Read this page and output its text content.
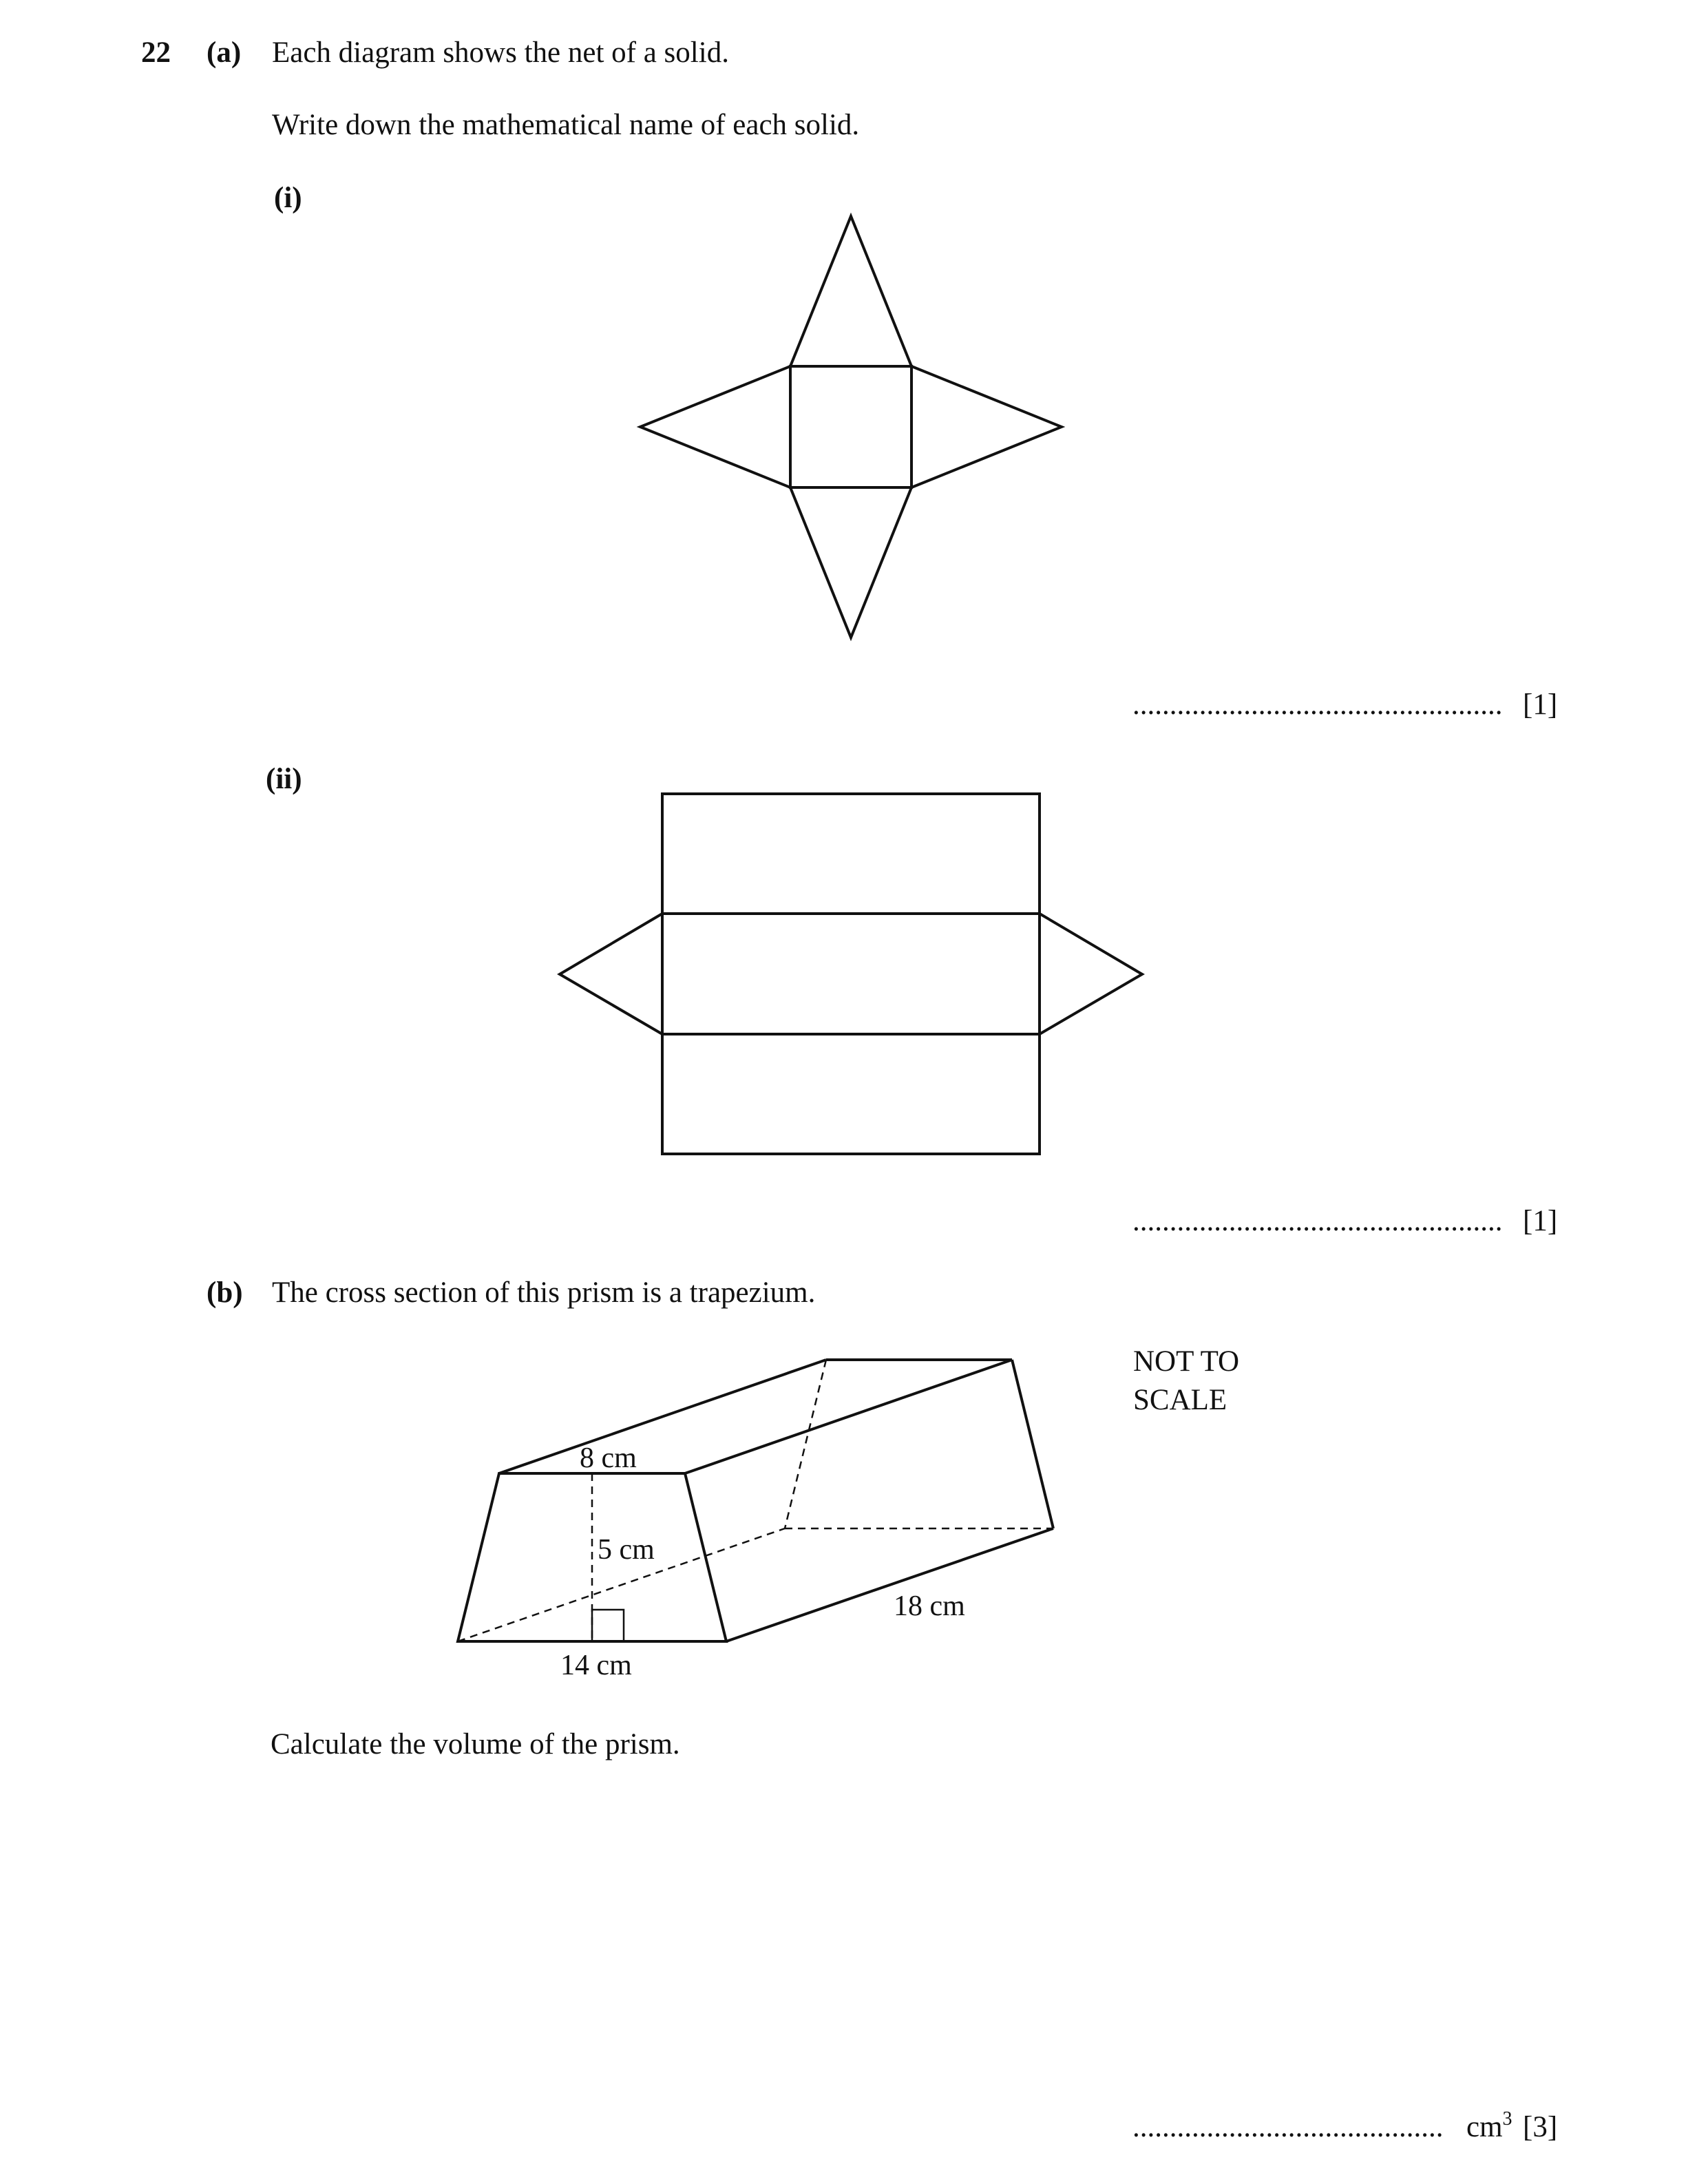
22 (a) Each diagram shows the net of a solid.
Write down the mathematical name of each solid.
(i)
.................................................. [1]
(ii)
.................................................. [1]
(b) The cross section of this prism is a trapezium.
NOT TO
SCALE
8 cm
5 cm
14 cm
18 cm
Calculate the volume of the prism.
.......................................... $cm^3$ [3]
